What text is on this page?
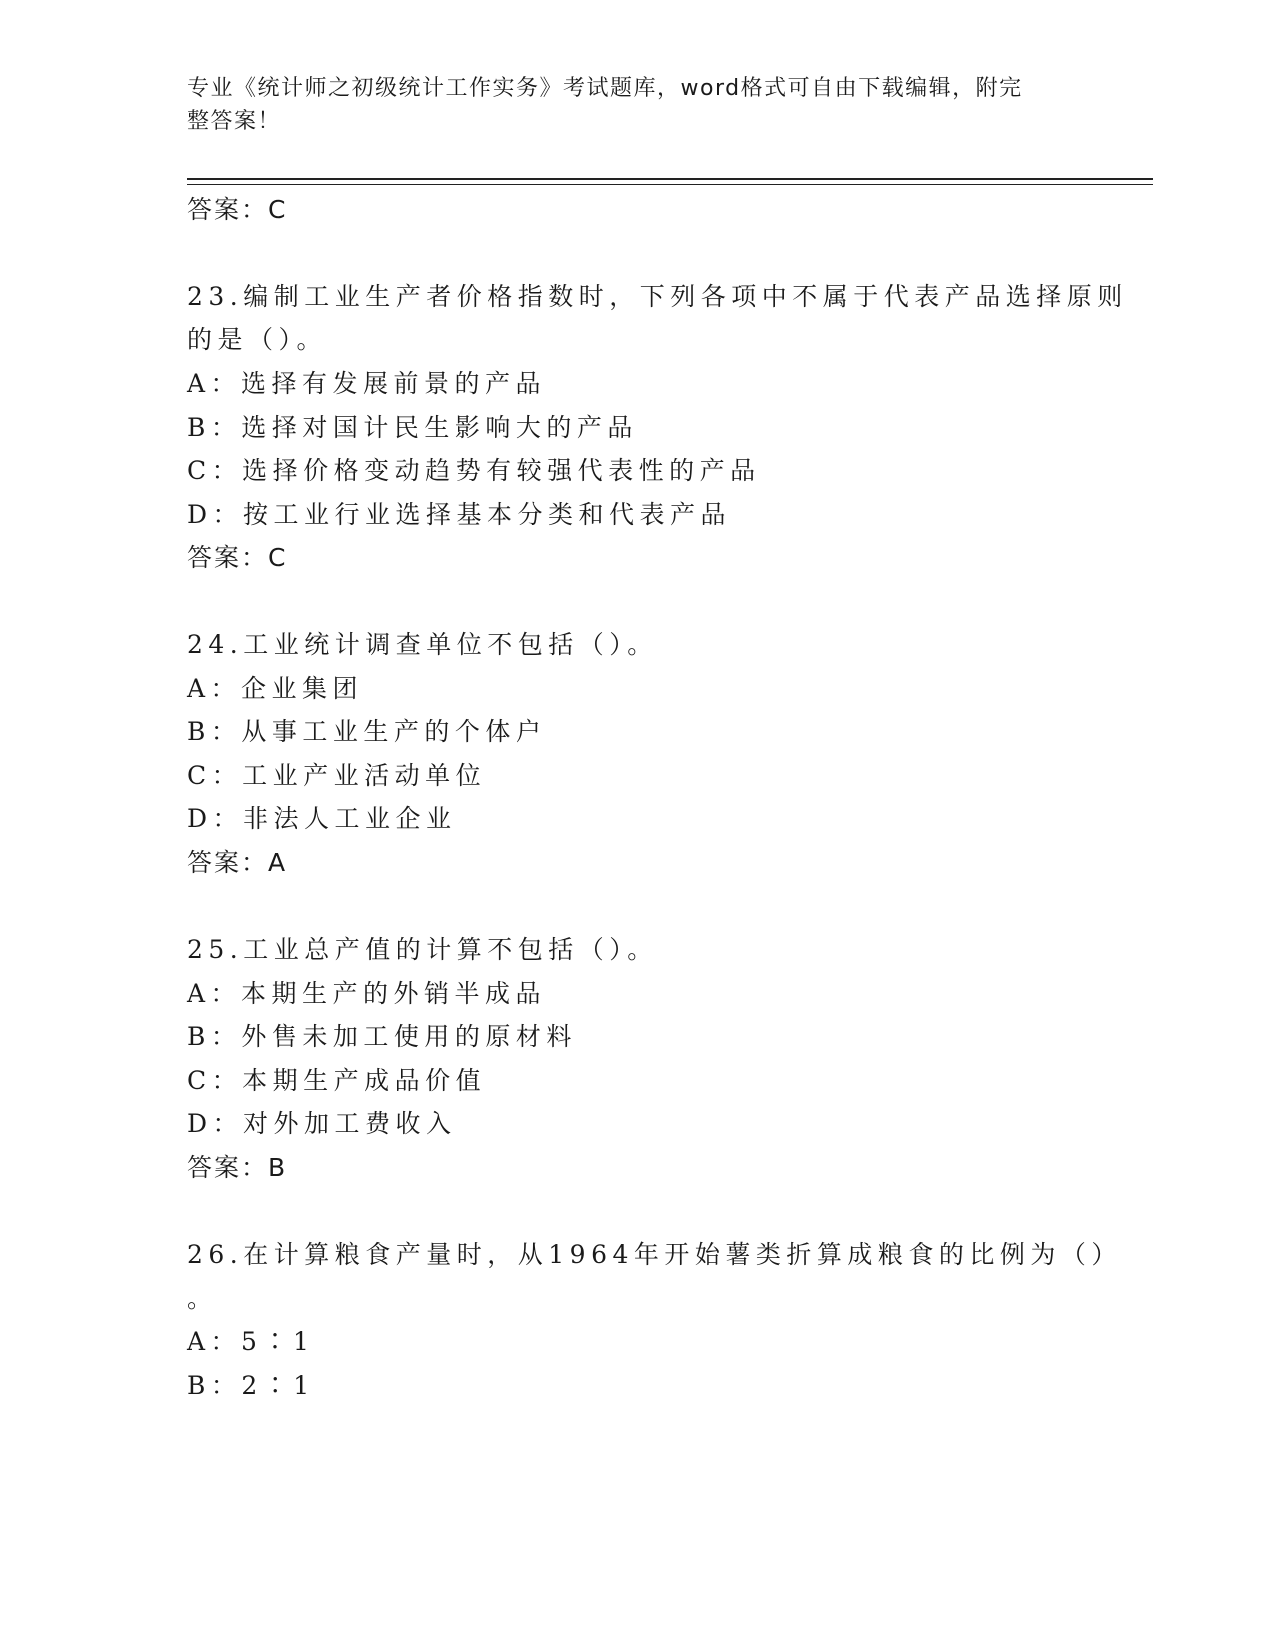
专业《统计师之初级统计工作实务》考试题库，word格式可自由下载编辑，附完
整答案！
答案：C
23.编制工业生产者价格指数时，下列各项中不属于代表产品选择原则
的是（）。
A：选择有发展前景的产品
B：选择对国计民生影响大的产品
C：选择价格变动趋势有较强代表性的产品
D：按工业行业选择基本分类和代表产品
答案：C
24.工业统计调查单位不包括（）。
A：企业集团
B：从事工业生产的个体户
C：工业产业活动单位
D：非法人工业企业
答案：A
25.工业总产值的计算不包括（）。
A：本期生产的外销半成品
B：外售未加工使用的原材料
C：本期生产成品价值
D：对外加工费收入
答案：B
26.在计算粮食产量时，从1964年开始薯类折算成粮食的比例为（）
。
A：5∶1
B：2∶1
